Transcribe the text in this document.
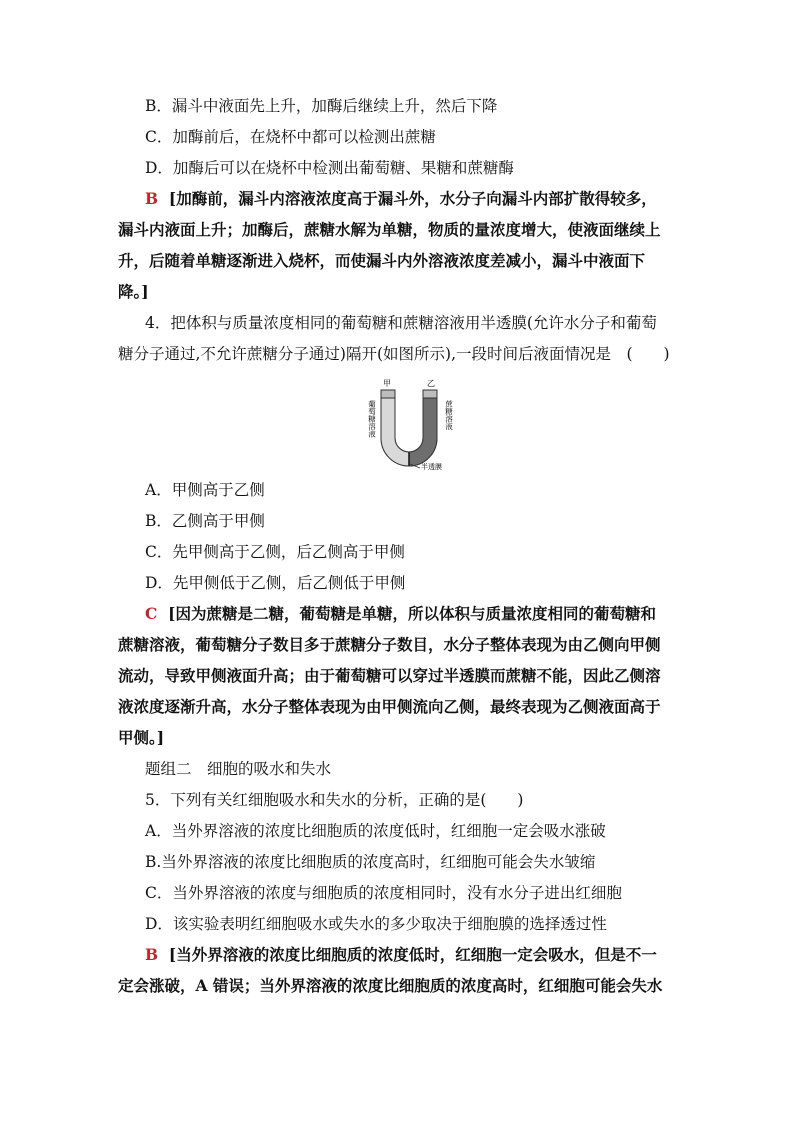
B．漏斗中液面先上升，加酶后继续上升，然后下降
C．加酶前后，在烧杯中都可以检测出蔗糖
D．加酶后可以在烧杯中检测出葡萄糖、果糖和蔗糖酶
B [加酶前，漏斗内溶液浓度高于漏斗外，水分子向漏斗内部扩散得较多，
漏斗内液面上升；加酶后，蔗糖水解为单糖，物质的量浓度增大，使液面继续上
升，后随着单糖逐渐进入烧杯，而使漏斗内外溶液浓度差减小，漏斗中液面下
降。]
4．把体积与质量浓度相同的葡萄糖和蔗糖溶液用半透膜(允许水分子和葡萄
糖分子通过,不允许蔗糖分子通过)隔开(如图所示),一段时间后液面情况是　(　　)
甲	乙
半透膜
葡萄糖溶液	蔗糖溶液
A．甲侧高于乙侧
B．乙侧高于甲侧
C．先甲侧高于乙侧，后乙侧高于甲侧
D．先甲侧低于乙侧，后乙侧低于甲侧
C [因为蔗糖是二糖，葡萄糖是单糖，所以体积与质量浓度相同的葡萄糖和
蔗糖溶液，葡萄糖分子数目多于蔗糖分子数目，水分子整体表现为由乙侧向甲侧
流动，导致甲侧液面升高；由于葡萄糖可以穿过半透膜而蔗糖不能，因此乙侧溶
液浓度逐渐升高，水分子整体表现为由甲侧流向乙侧，最终表现为乙侧液面高于
甲侧。]
题组二　细胞的吸水和失水
5．下列有关红细胞吸水和失水的分析，正确的是(　　)
A．当外界溶液的浓度比细胞质的浓度低时，红细胞一定会吸水涨破
B.当外界溶液的浓度比细胞质的浓度高时，红细胞可能会失水皱缩
C．当外界溶液的浓度与细胞质的浓度相同时，没有水分子进出红细胞
D．该实验表明红细胞吸水或失水的多少取决于细胞膜的选择透过性
B [当外界溶液的浓度比细胞质的浓度低时，红细胞一定会吸水，但是不一
定会涨破，A 错误；当外界溶液的浓度比细胞质的浓度高时，红细胞可能会失水
